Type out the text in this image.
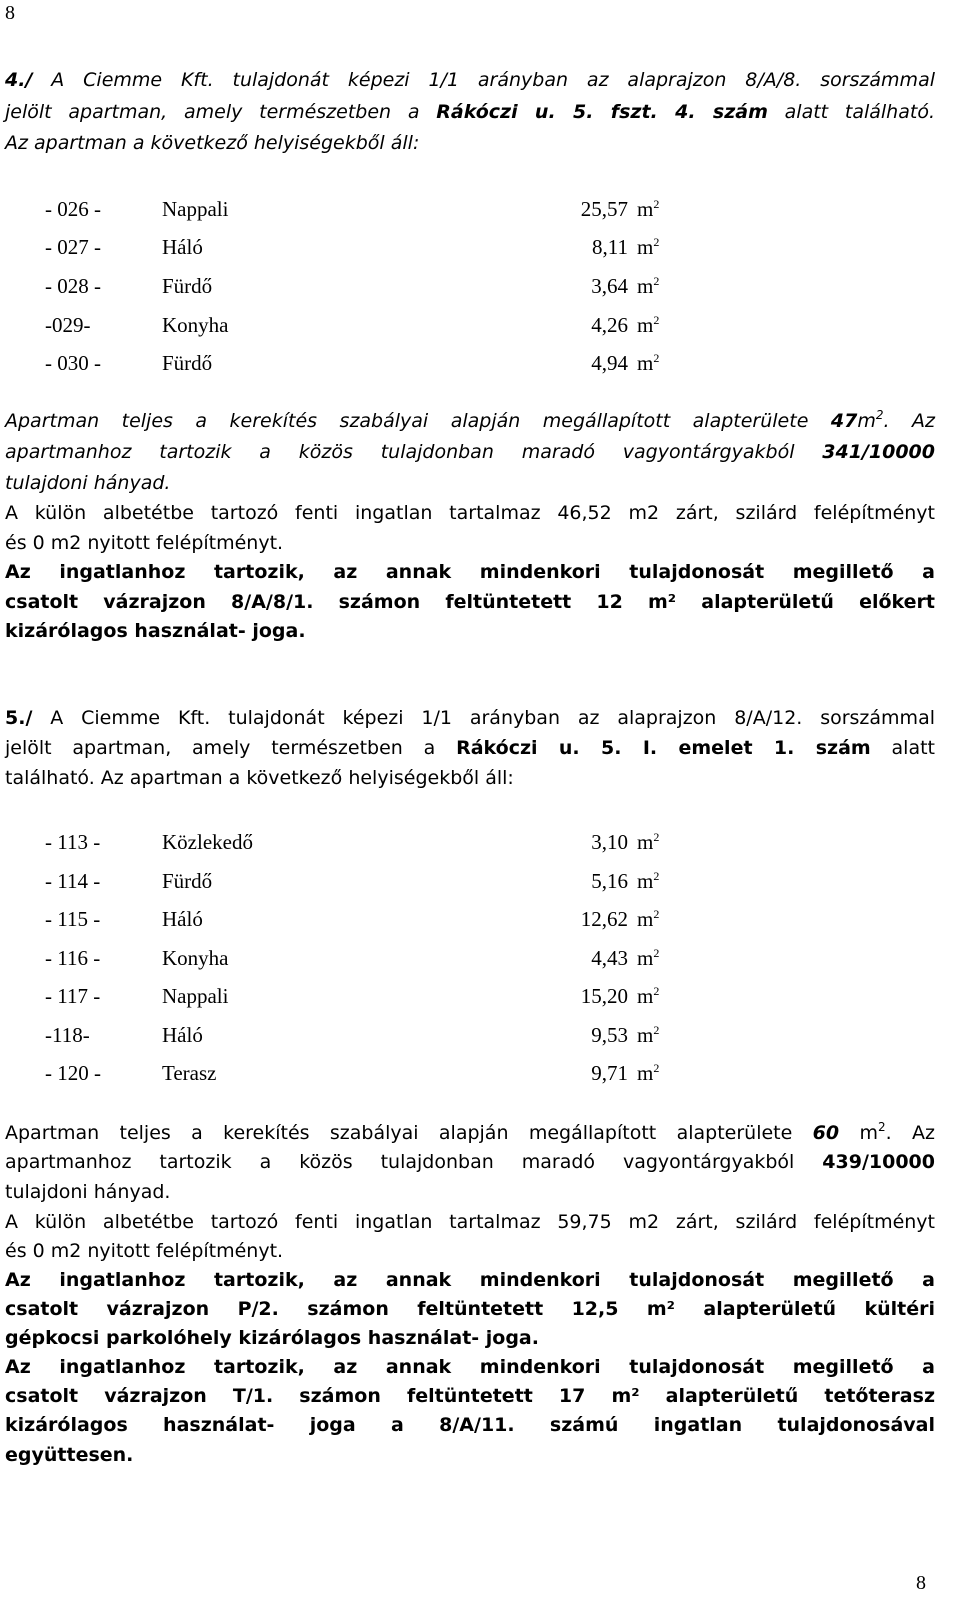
8
4./ A Ciemme Kft. tulajdonát képezi 1/1 arányban az alaprajzon 8/A/8. sorszámmal
jelölt apartman, amely természetben a Rákóczi u. 5. fszt. 4. szám alatt található.
Az apartman a következő helyiségekből áll:
- 026 -	Nappali	25,57 $m^2$
- 027 -	Háló	8,11 $m^2$
- 028 -	Fürdő	3,64 $m^2$
-029-	Konyha	4,26 $m^2$
- 030 -	Fürdő	4,94 $m^2$
Apartman teljes a kerekítés szabályai alapján megállapított alapterülete $47m^2$. Az
apartmanhoz tartozik a közös tulajdonban maradó vagyontárgyakból 341/10000
tulajdoni hányad.
A külön albetétbe tartozó fenti ingatlan tartalmaz 46,52 m2 zárt, szilárd felépítményt
és 0 m2 nyitott felépítményt.
Az ingatlanhoz tartozik, az annak mindenkori tulajdonosát megillető a
csatolt vázrajzon 8/A/8/1. számon feltüntetett 12 m² alapterületű előkert
kizárólagos használat- joga.
5./ A Ciemme Kft. tulajdonát képezi 1/1 arányban az alaprajzon 8/A/12. sorszámmal
jelölt apartman, amely természetben a Rákóczi u. 5. I. emelet 1. szám alatt
található. Az apartman a következő helyiségekből áll:
- 113 -	Közlekedő	3,10 $m^2$
- 114 -	Fürdő	5,16 $m^2$
- 115 -	Háló	12,62 $m^2$
- 116 -	Konyha	4,43 $m^2$
- 117 -	Nappali	15,20 $m^2$
-118-	Háló	9,53 $m^2$
- 120 -	Terasz	9,71 $m^2$
Apartman teljes a kerekítés szabályai alapján megállapított alapterülete 60 $m^2$. Az
apartmanhoz tartozik a közös tulajdonban maradó vagyontárgyakból 439/10000
tulajdoni hányad.
A külön albetétbe tartozó fenti ingatlan tartalmaz 59,75 m2 zárt, szilárd felépítményt
és 0 m2 nyitott felépítményt.
Az ingatlanhoz tartozik, az annak mindenkori tulajdonosát megillető a
csatolt vázrajzon P/2. számon feltüntetett 12,5 m² alapterületű kültéri
gépkocsi parkolóhely kizárólagos használat- joga.
Az ingatlanhoz tartozik, az annak mindenkori tulajdonosát megillető a
csatolt vázrajzon T/1. számon feltüntetett 17 m² alapterületű tetőterasz
kizárólagos használat- joga a 8/A/11. számú ingatlan tulajdonosával
együttesen.
8
